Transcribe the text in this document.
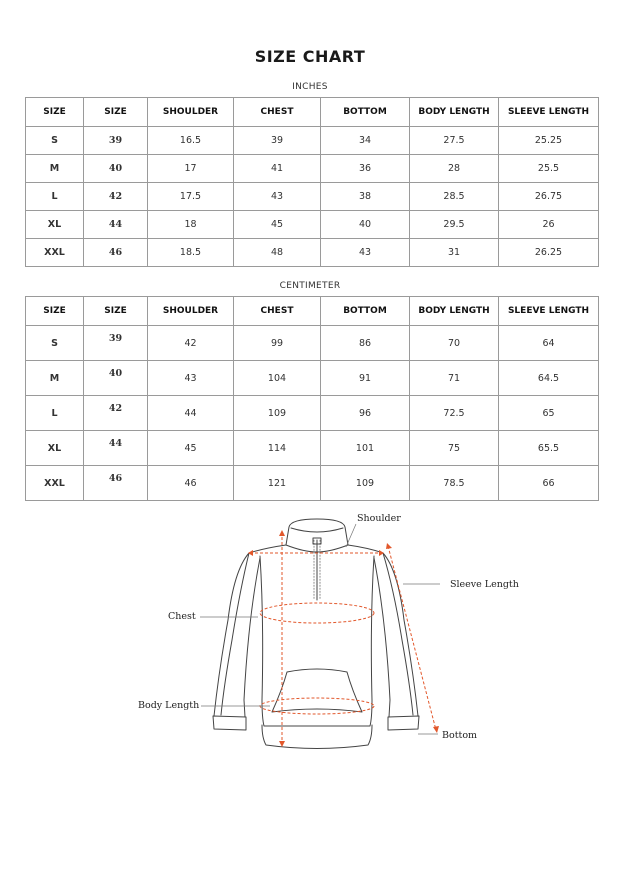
SIZE CHART
INCHES
SIZE	SIZE	SHOULDER	CHEST	BOTTOM	BODY LENGTH	SLEEVE LENGTH
S	39	16.5	39	34	27.5	25.25
M	40	17	41	36	28	25.5
L	42	17.5	43	38	28.5	26.75
XL	44	18	45	40	29.5	26
XXL	46	18.5	48	43	31	26.25
CENTIMETER
SIZE	SIZE	SHOULDER	CHEST	BOTTOM	BODY LENGTH	SLEEVE LENGTH
S	39	42	99	86	70	64
M	40	43	104	91	71	64.5
L	42	44	109	96	72.5	65
XL	44	45	114	101	75	65.5
XXL	46	46	121	109	78.5	66
Shoulder
Sleeve Length
Chest
Body Length
Bottom
